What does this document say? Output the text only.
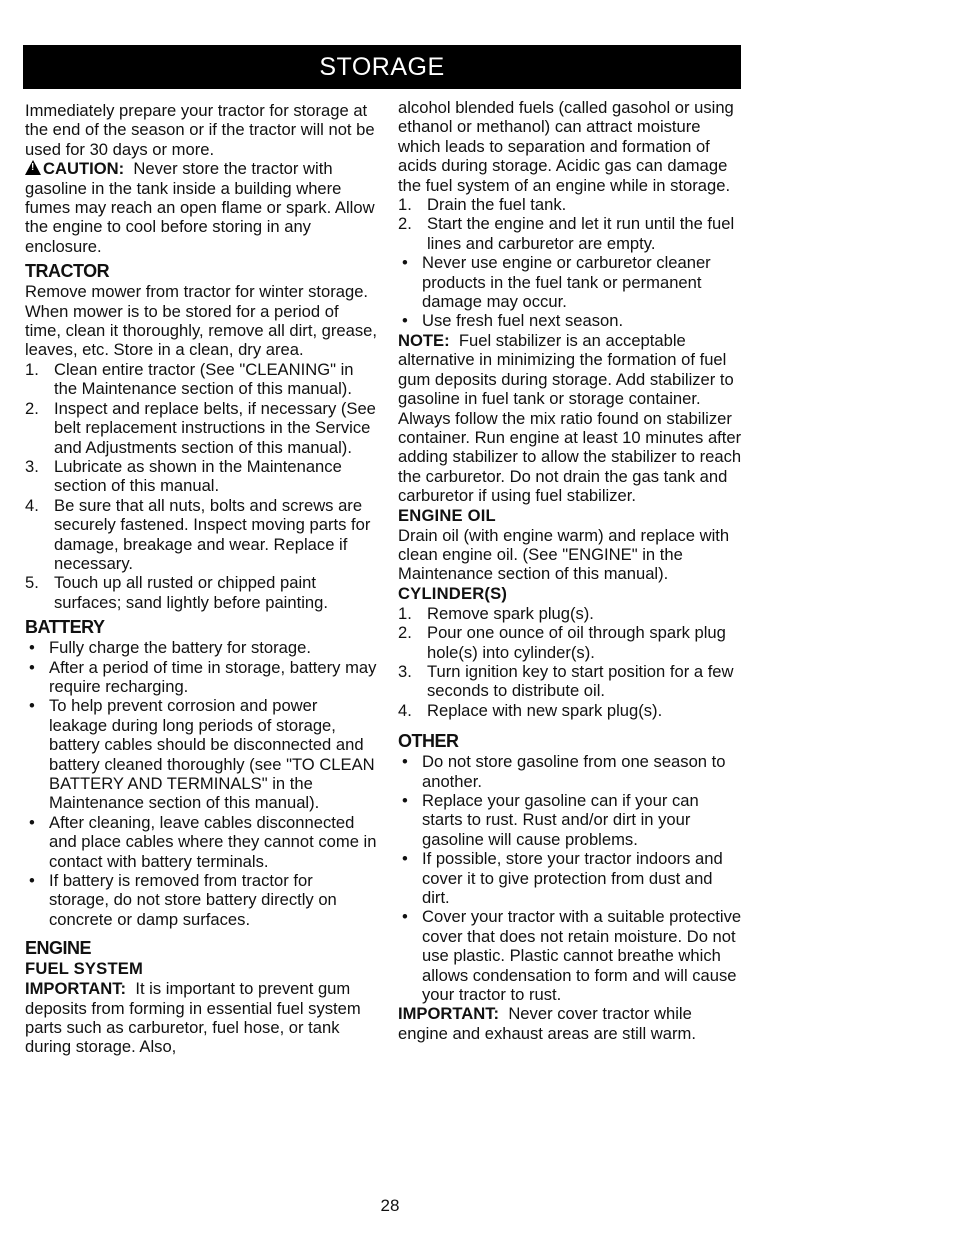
STORAGE

Immediately prepare your tractor for storage at the end of the season or if the tractor will not be used for 30 days or more.

!CAUTION: Never store the tractor with gasoline in the tank inside a building where fumes may reach an open flame or spark. Allow the engine to cool before storing in any enclosure.

TRACTOR

Remove mower from tractor for winter storage. When mower is to be stored for a period of time, clean it thoroughly, remove all dirt, grease, leaves, etc. Store in a clean, dry area.

1. Clean entire tractor (See "CLEANING" in the Maintenance section of this manual).
2. Inspect and replace belts, if necessary (See belt replacement instructions in the Service and Adjustments section of this manual).
3. Lubricate as shown in the Maintenance section of this manual.
4. Be sure that all nuts, bolts and screws are securely fastened. Inspect moving parts for damage, breakage and wear. Replace if necessary.
5. Touch up all rusted or chipped paint surfaces; sand lightly before painting.
BATTERY
• Fully charge the battery for storage.
• After a period of time in storage, battery may require recharging.
• To help prevent corrosion and power leakage during long periods of storage, battery cables should be disconnected and battery cleaned thoroughly (see "TO CLEAN BATTERY AND TERMINALS" in the Maintenance section of this manual).
• After cleaning, leave cables disconnected and place cables where they cannot come in contact with battery terminals.
• If battery is removed from tractor for storage, do not store battery directly on concrete or damp surfaces.
ENGINE
FUEL SYSTEM

IMPORTANT: It is important to prevent gum deposits from forming in essential fuel system parts such as carburetor, fuel hose, or tank during storage. Also,

alcohol blended fuels (called gasohol or using ethanol or methanol) can attract moisture which leads to separation and formation of acids during storage. Acidic gas can damage the fuel system of an engine while in storage.

1. Drain the fuel tank.
2. Start the engine and let it run until the fuel lines and carburetor are empty.
• Never use engine or carburetor cleaner products in the fuel tank or permanent damage may occur.
• Use fresh fuel next season.

NOTE: Fuel stabilizer is an acceptable alternative in minimizing the formation of fuel gum deposits during storage. Add stabilizer to gasoline in fuel tank or storage container. Always follow the mix ratio found on stabilizer container. Run engine at least 10 minutes after adding stabilizer to allow the stabilizer to reach the carburetor. Do not drain the gas tank and carburetor if using fuel stabilizer.

ENGINE OIL

Drain oil (with engine warm) and replace with clean engine oil. (See "ENGINE" in the Maintenance section of this manual).

CYLINDER(S)
1. Remove spark plug(s).
2. Pour one ounce of oil through spark plug hole(s) into cylinder(s).
3. Turn ignition key to start position for a few seconds to distribute oil.
4. Replace with new spark plug(s).
OTHER
• Do not store gasoline from one season to another.
• Replace your gasoline can if your can starts to rust. Rust and/or dirt in your gasoline will cause problems.
• If possible, store your tractor indoors and cover it to give protection from dust and dirt.
• Cover your tractor with a suitable protective cover that does not retain moisture. Do not use plastic. Plastic cannot breathe which allows condensation to form and will cause your tractor to rust.

IMPORTANT: Never cover tractor while engine and exhaust areas are still warm.

28
